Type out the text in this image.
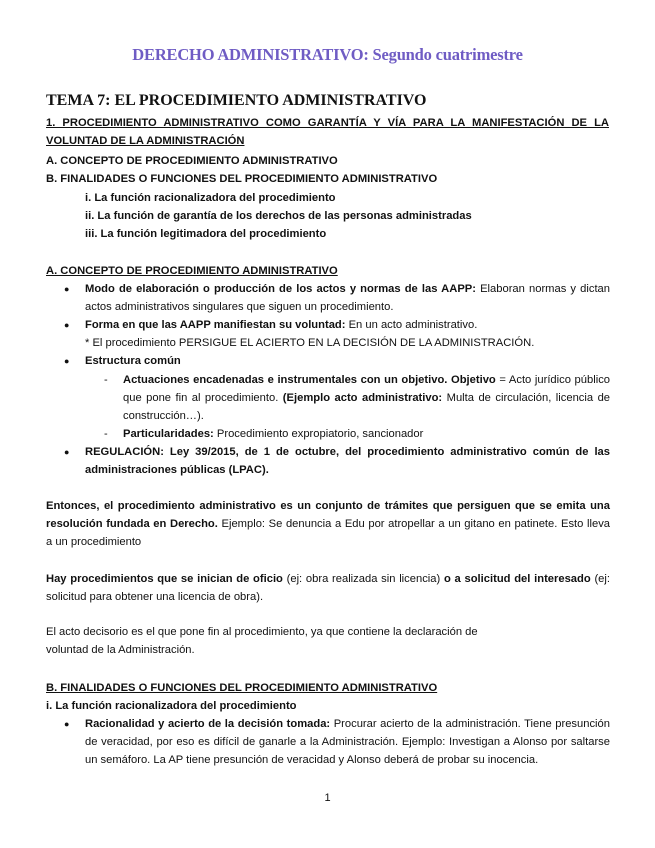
DERECHO ADMINISTRATIVO: Segundo cuatrimestre
TEMA 7: EL PROCEDIMIENTO ADMINISTRATIVO
1. PROCEDIMIENTO ADMINISTRATIVO COMO GARANTÍA Y VÍA PARA LA MANIFESTACIÓN DE LA VOLUNTAD DE LA ADMINISTRACIÓN
A. CONCEPTO DE PROCEDIMIENTO ADMINISTRATIVO
B. FINALIDADES O FUNCIONES DEL PROCEDIMIENTO ADMINISTRATIVO
i. La función racionalizadora del procedimiento
ii. La función de garantía de los derechos de las personas administradas
iii. La función legitimadora del procedimiento
A. CONCEPTO DE PROCEDIMIENTO ADMINISTRATIVO
● Modo de elaboración o producción de los actos y normas de las AAPP: Elaboran normas y dictan actos administrativos singulares que siguen un procedimiento.
● Forma en que las AAPP manifiestan su voluntad: En un acto administrativo.
* El procedimiento PERSIGUE EL ACIERTO EN LA DECISIÓN DE LA ADMINISTRACIÓN.
● Estructura común
- Actuaciones encadenadas e instrumentales con un objetivo. Objetivo = Acto jurídico público que pone fin al procedimiento. (Ejemplo acto administrativo: Multa de circulación, licencia de construcción…).
- Particularidades: Procedimiento expropiatorio, sancionador
● REGULACIÓN: Ley 39/2015, de 1 de octubre, del procedimiento administrativo común de las administraciones públicas (LPAC).
Entonces, el procedimiento administrativo es un conjunto de trámites que persiguen que se emita una resolución fundada en Derecho. Ejemplo: Se denuncia a Edu por atropellar a un gitano en patinete. Esto lleva a un procedimiento
Hay procedimientos que se inician de oficio (ej: obra realizada sin licencia) o a solicitud del interesado (ej: solicitud para obtener una licencia de obra).
El acto decisorio es el que pone fin al procedimiento, ya que contiene la declaración de
voluntad de la Administración.
B. FINALIDADES O FUNCIONES DEL PROCEDIMIENTO ADMINISTRATIVO
i. La función racionalizadora del procedimiento
● Racionalidad y acierto de la decisión tomada: Procurar acierto de la administración. Tiene presunción de veracidad, por eso es difícil de ganarle a la Administración. Ejemplo: Investigan a Alonso por saltarse un semáforo. La AP tiene presunción de veracidad y Alonso deberá de probar su inocencia.
1
